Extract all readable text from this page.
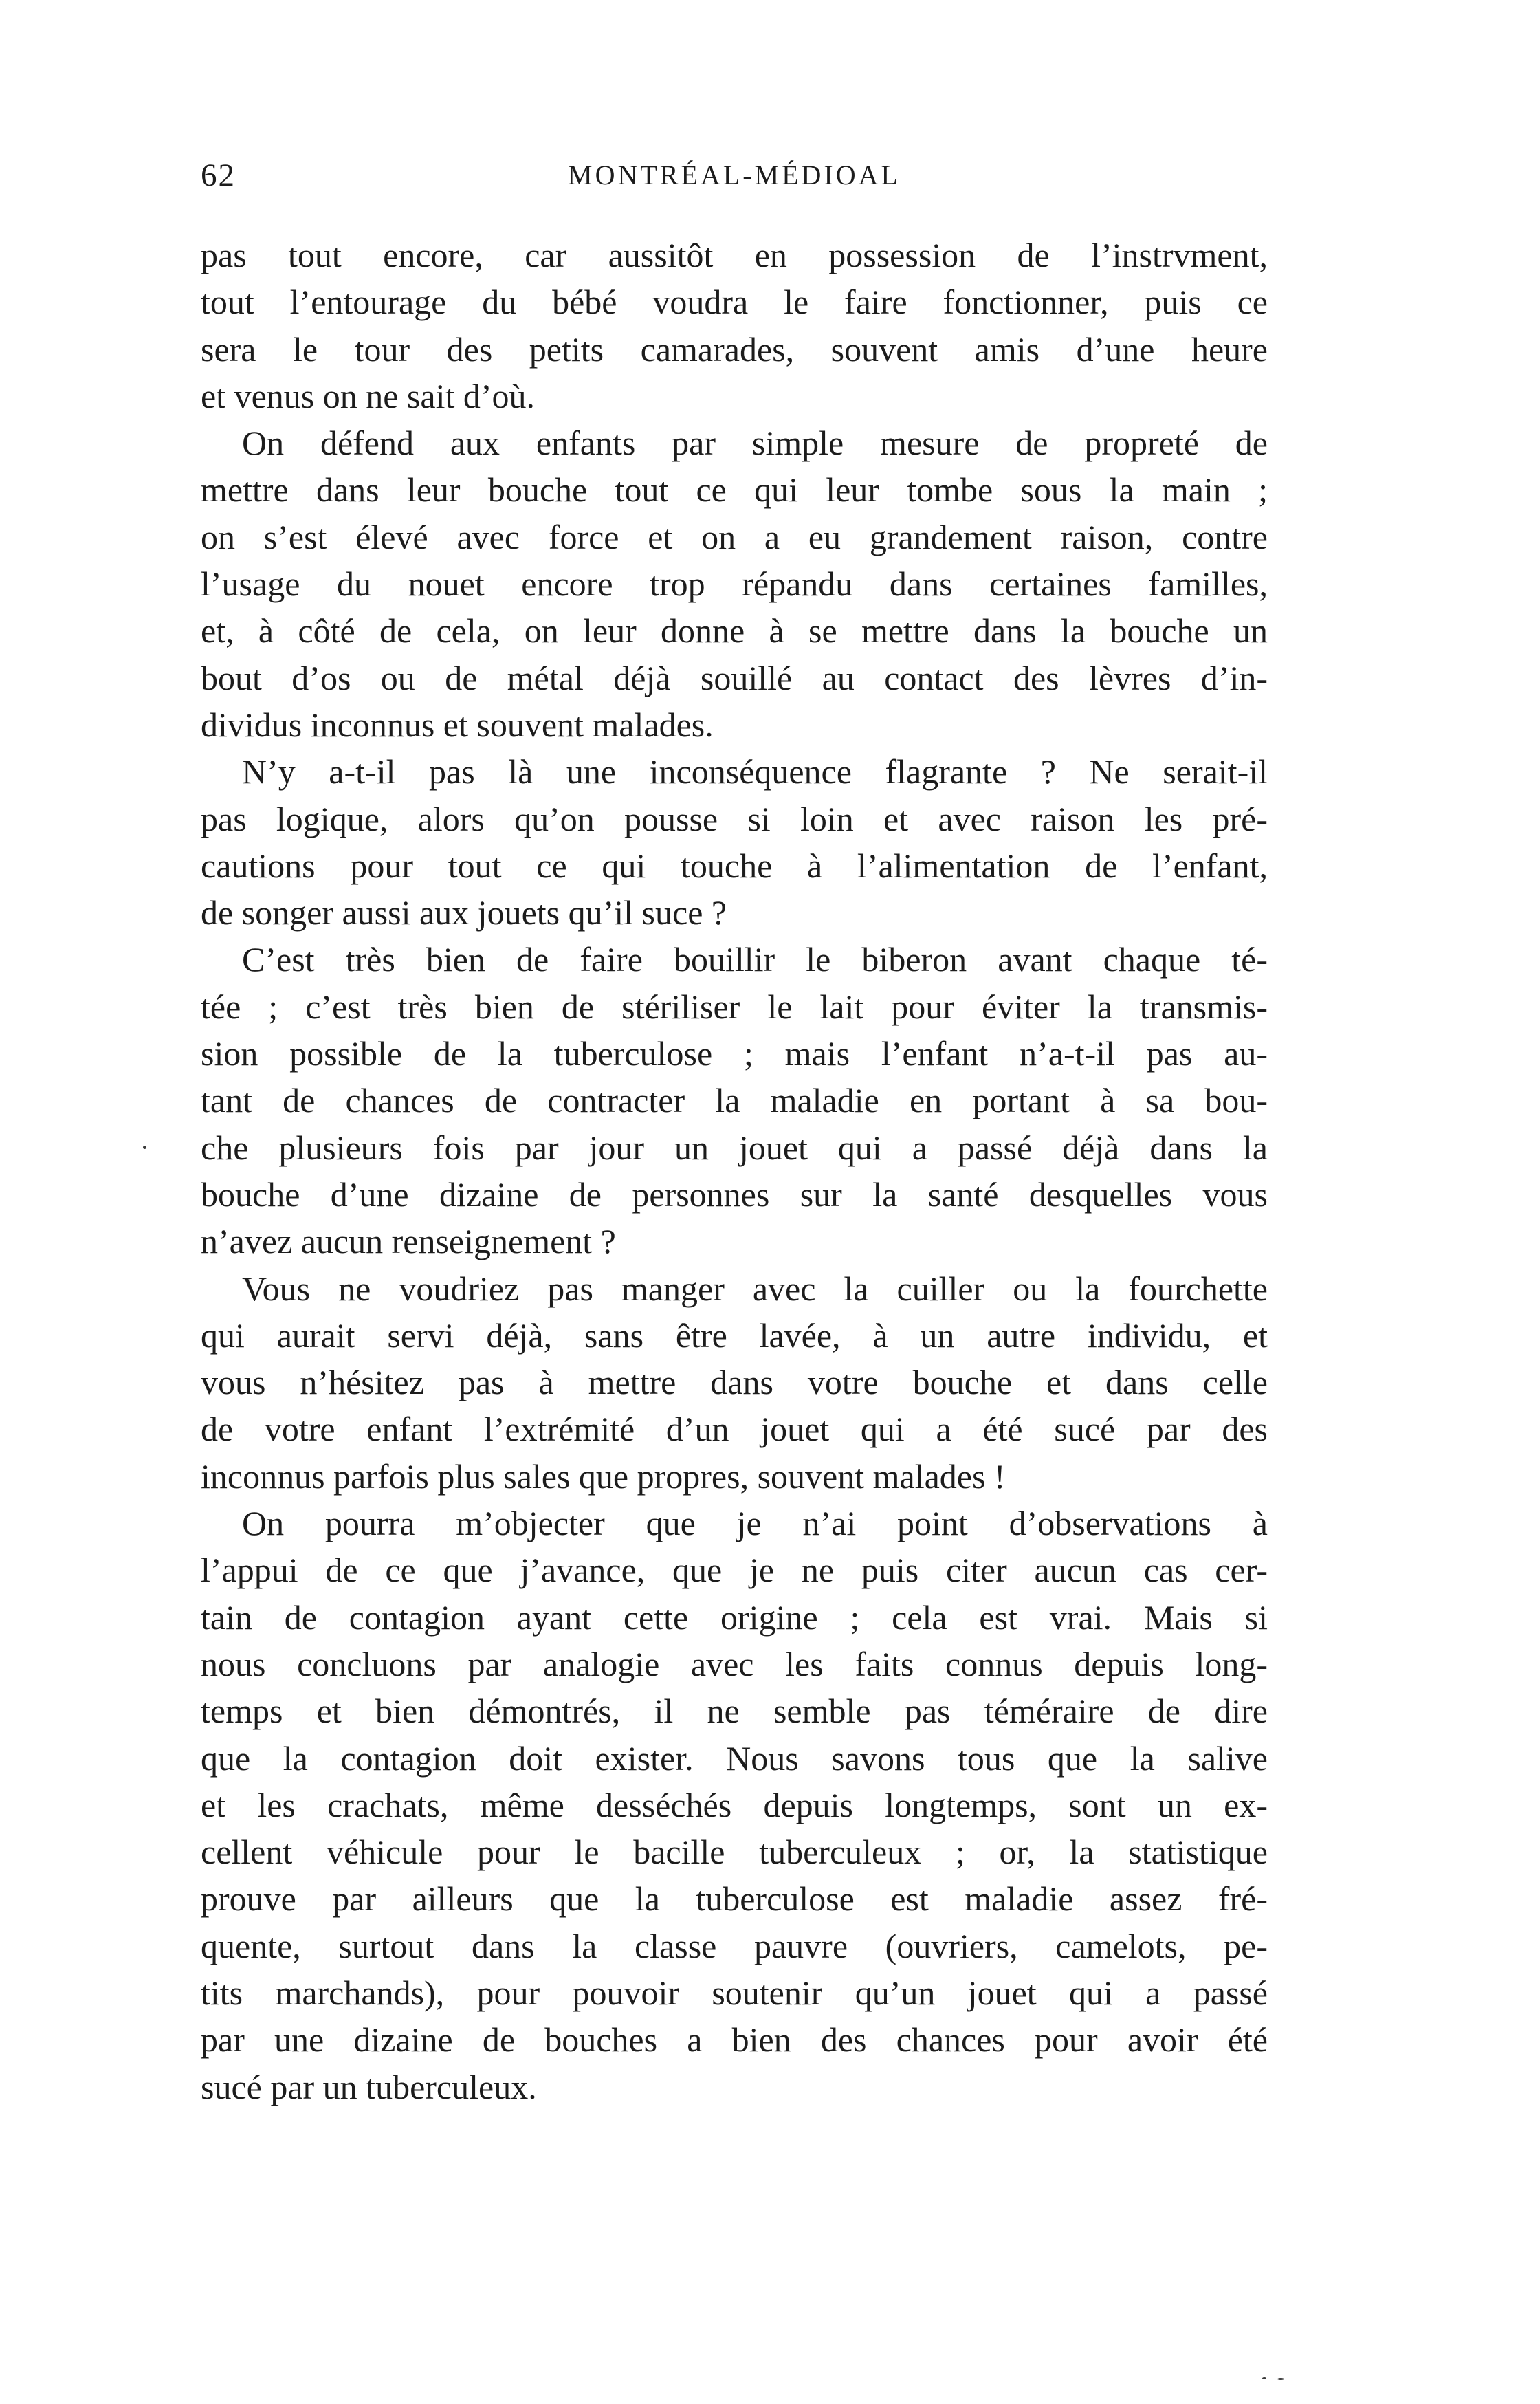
62	MONTRÉAL-MÉDIOAL
pas tout encore, car aussitôt en possession de l’instrvment,
tout l’entourage du bébé voudra le faire fonctionner, puis ce
sera le tour des petits camarades, souvent amis d’une heure
et venus on ne sait d’où.
On défend aux enfants par simple mesure de propreté de
mettre dans leur bouche tout ce qui leur tombe sous la main ;
on s’est élevé avec force et on a eu grandement raison, contre
l’usage du nouet encore trop répandu dans certaines familles,
et, à côté de cela, on leur donne à se mettre dans la bouche un
bout d’os ou de métal déjà souillé au contact des lèvres d’in-
dividus inconnus et souvent malades.
N’y a-t-il pas là une inconséquence flagrante ? Ne serait-il
pas logique, alors qu’on pousse si loin et avec raison les pré-
cautions pour tout ce qui touche à l’alimentation de l’enfant,
de songer aussi aux jouets qu’il suce ?
C’est très bien de faire bouillir le biberon avant chaque té-
tée ; c’est très bien de stériliser le lait pour éviter la transmis-
sion possible de la tuberculose ; mais l’enfant n’a-t-il pas au-
tant de chances de contracter la maladie en portant à sa bou-
che plusieurs fois par jour un jouet qui a passé déjà dans la
bouche d’une dizaine de personnes sur la santé desquelles vous
n’avez aucun renseignement ?
Vous ne voudriez pas manger avec la cuiller ou la fourchette
qui aurait servi déjà, sans être lavée, à un autre individu, et
vous n’hésitez pas à mettre dans votre bouche et dans celle
de votre enfant l’extrémité d’un jouet qui a été sucé par des
inconnus parfois plus sales que propres, souvent malades !
On pourra m’objecter que je n’ai point d’observations à
l’appui de ce que j’avance, que je ne puis citer aucun cas cer-
tain de contagion ayant cette origine ; cela est vrai. Mais si
nous concluons par analogie avec les faits connus depuis long-
temps et bien démontrés, il ne semble pas téméraire de dire
que la contagion doit exister. Nous savons tous que la salive
et les crachats, même desséchés depuis longtemps, sont un ex-
cellent véhicule pour le bacille tuberculeux ; or, la statistique
prouve par ailleurs que la tuberculose est maladie assez fré-
quente, surtout dans la classe pauvre (ouvriers, camelots, pe-
tits marchands), pour pouvoir soutenir qu’un jouet qui a passé
par une dizaine de bouches a bien des chances pour avoir été
sucé par un tuberculeux.
